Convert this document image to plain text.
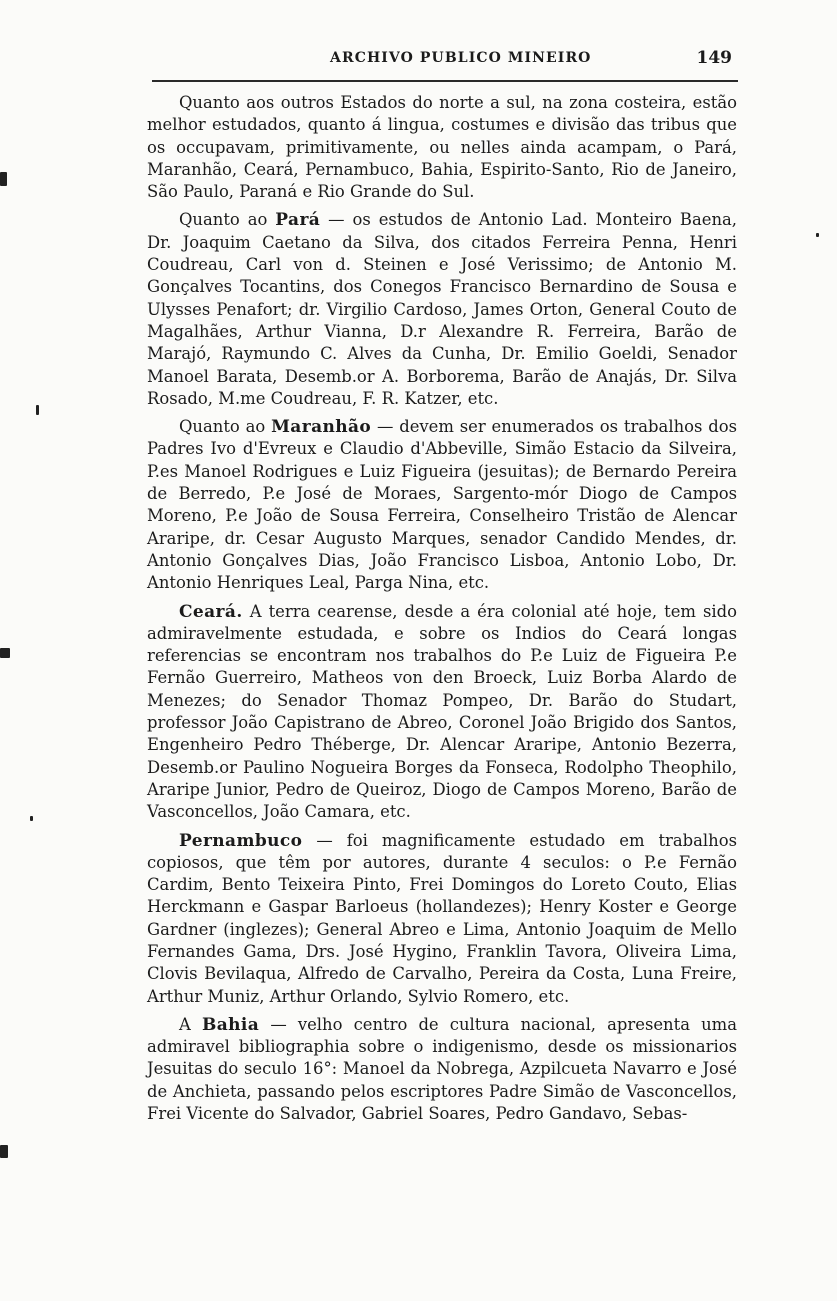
ARCHIVO PUBLICO MINEIRO	149

Quanto aos outros Estados do norte a sul, na zona costeira, estão melhor estudados, quanto á lingua, costumes e divisão das tribus que os occupavam, primitivamente, ou nelles ainda acampam, o Pará, Maranhão, Ceará, Pernambuco, Bahia, Espirito-Santo, Rio de Janeiro, São Paulo, Paraná e Rio Grande do Sul.

Quanto ao Pará — os estudos de Antonio Lad. Monteiro Baena, Dr. Joaquim Caetano da Silva, dos citados Ferreira Penna, Henri Coudreau, Carl von d. Steinen e José Verissimo; de Antonio M. Gonçalves Tocantins, dos Conegos Francisco Bernardino de Sousa e Ulysses Penafort; dr. Virgilio Cardoso, James Orton, General Couto de Magalhães, Arthur Vianna, D.r Alexandre R. Ferreira, Barão de Marajó, Raymundo C. Alves da Cunha, Dr. Emilio Goeldi, Senador Manoel Barata, Desemb.or A. Borborema, Barão de Anajás, Dr. Silva Rosado, M.me Coudreau, F. R. Katzer, etc.

Quanto ao Maranhão — devem ser enumerados os trabalhos dos Padres Ivo d'Evreux e Claudio d'Abbeville, Simão Estacio da Silveira, P.es Manoel Rodrigues e Luiz Figueira (jesuitas); de Bernardo Pereira de Berredo, P.e José de Moraes, Sargento-mór Diogo de Campos Moreno, P.e João de Sousa Ferreira, Conselheiro Tristão de Alencar Araripe, dr. Cesar Augusto Marques, senador Candido Mendes, dr. Antonio Gonçalves Dias, João Francisco Lisboa, Antonio Lobo, Dr. Antonio Henriques Leal, Parga Nina, etc.

Ceará. A terra cearense, desde a éra colonial até hoje, tem sido admiravelmente estudada, e sobre os Indios do Ceará longas referencias se encontram nos trabalhos do P.e Luiz de Figueira P.e Fernão Guerreiro, Matheos von den Broeck, Luiz Borba Alardo de Menezes; do Senador Thomaz Pompeo, Dr. Barão do Studart, professor João Capistrano de Abreo, Coronel João Brigido dos Santos, Engenheiro Pedro Théberge, Dr. Alencar Araripe, Antonio Bezerra, Desemb.or Paulino Nogueira Borges da Fonseca, Rodolpho Theophilo, Araripe Junior, Pedro de Queiroz, Diogo de Campos Moreno, Barão de Vasconcellos, João Camara, etc.

Pernambuco — foi magnificamente estudado em trabalhos copiosos, que têm por autores, durante 4 seculos: o P.e Fernão Cardim, Bento Teixeira Pinto, Frei Domingos do Loreto Couto, Elias Herckmann e Gaspar Barloeus (hollandezes); Henry Koster e George Gardner (inglezes); General Abreo e Lima, Antonio Joaquim de Mello Fernandes Gama, Drs. José Hygino, Franklin Tavora, Oliveira Lima, Clovis Bevilaqua, Alfredo de Carvalho, Pereira da Costa, Luna Freire, Arthur Muniz, Arthur Orlando, Sylvio Romero, etc.

A Bahia — velho centro de cultura nacional, apresenta uma admiravel bibliographia sobre o indigenismo, desde os missionarios Jesuitas do seculo 16°: Manoel da Nobrega, Azpilcueta Navarro e José de Anchieta, passando pelos escriptores Padre Simão de Vasconcellos, Frei Vicente do Salvador, Gabriel Soares, Pedro Gandavo, Sebas-
